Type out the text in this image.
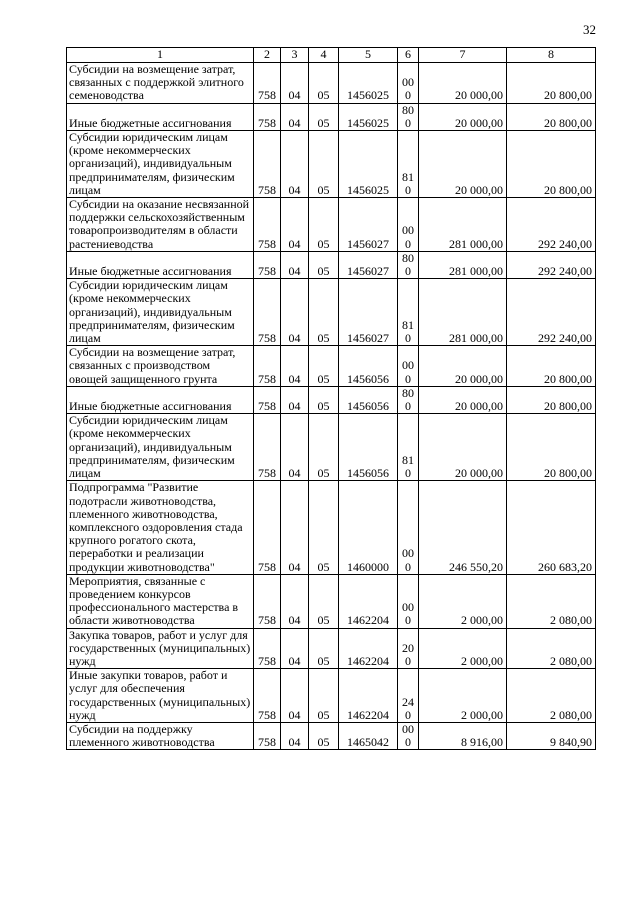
32
1	2	3	4	5	6	7	8
Субсидии на возмещение затрат, связанных с поддержкой элитного семеноводства	758	04	05	1456025	000	20 000,00	20 800,00
Иные бюджетные ассигнования	758	04	05	1456025	800	20 000,00	20 800,00
Субсидии юридическим лицам (кроме некоммерческих организаций), индивидуальным предпринимателям, физическим лицам	758	04	05	1456025	810	20 000,00	20 800,00
Субсидии на оказание несвязанной поддержки сельскохозяйственным товаропроизводителям в области растениеводства	758	04	05	1456027	000	281 000,00	292 240,00
Иные бюджетные ассигнования	758	04	05	1456027	800	281 000,00	292 240,00
Субсидии юридическим лицам (кроме некоммерческих организаций), индивидуальным предпринимателям, физическим лицам	758	04	05	1456027	810	281 000,00	292 240,00
Субсидии на возмещение затрат, связанных с производством овощей защищенного грунта	758	04	05	1456056	000	20 000,00	20 800,00
Иные бюджетные ассигнования	758	04	05	1456056	800	20 000,00	20 800,00
Субсидии юридическим лицам (кроме некоммерческих организаций), индивидуальным предпринимателям, физическим лицам	758	04	05	1456056	810	20 000,00	20 800,00
Подпрограмма "Развитие подотрасли животноводства, племенного животноводства, комплексного оздоровления стада крупного рогатого скота, переработки и реализации продукции животноводства"	758	04	05	1460000	000	246 550,20	260 683,20
Мероприятия, связанные с проведением конкурсов профессионального мастерства в области животноводства	758	04	05	1462204	000	2 000,00	2 080,00
Закупка товаров, работ и услуг для государственных (муниципальных) нужд	758	04	05	1462204	200	2 000,00	2 080,00
Иные закупки товаров, работ и услуг для обеспечения государственных (муниципальных) нужд	758	04	05	1462204	240	2 000,00	2 080,00
Субсидии на поддержку племенного животноводства	758	04	05	1465042	000	8 916,00	9 840,90
